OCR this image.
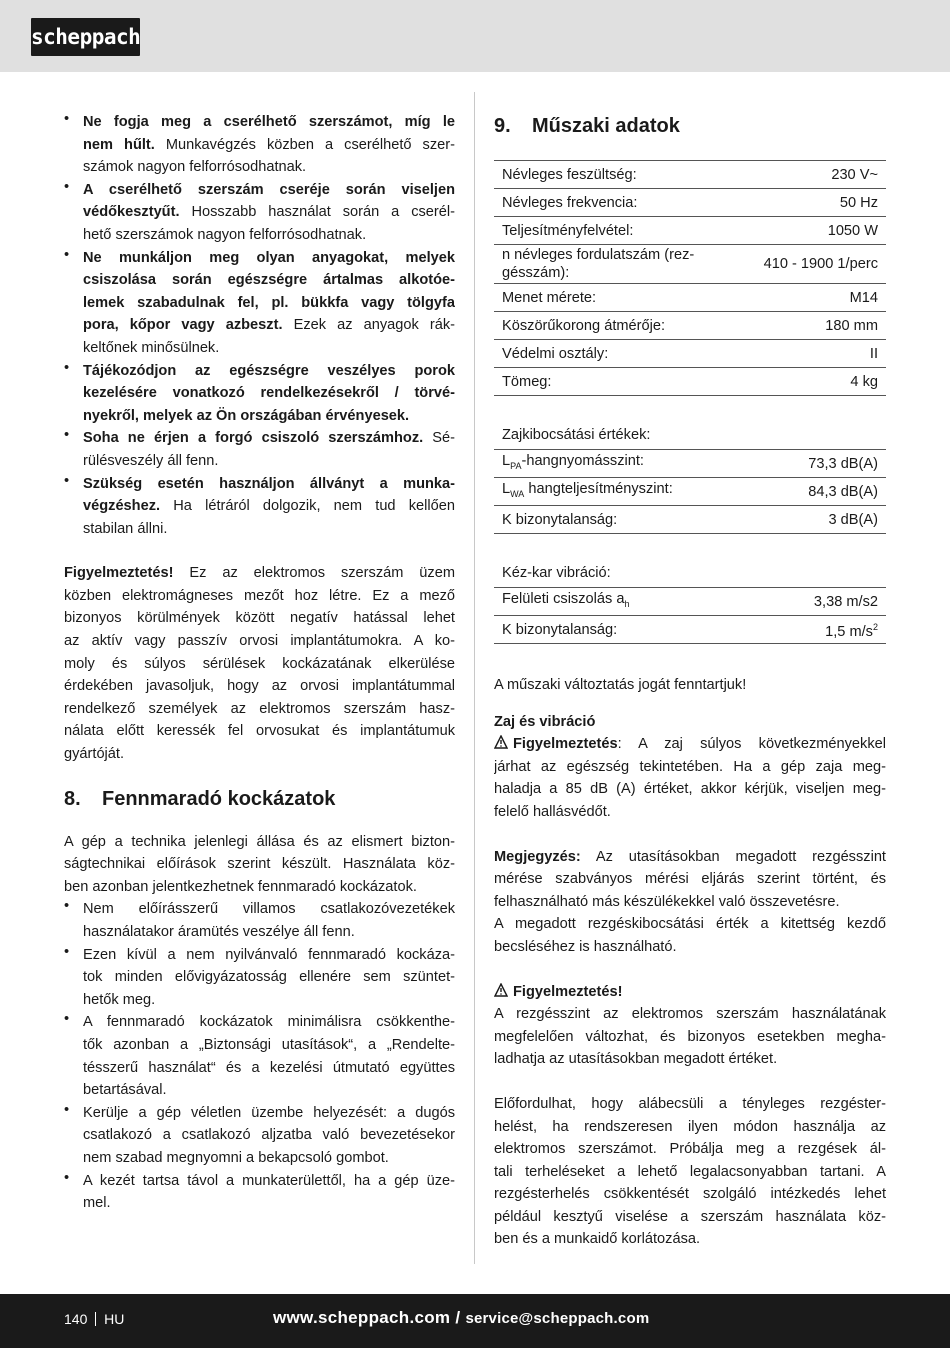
scheppach
• Ne fogja meg a cserélhető szerszámot, míg le
nem hűlt. Munkavégzés közben a cserélhető szer-
számok nagyon felforrósodhatnak.
• A cserélhető szerszám cseréje során viseljen
védőkesztyűt. Hosszabb használat során a cserél-
hető szerszámok nagyon felforrósodhatnak.
• Ne munkáljon meg olyan anyagokat, melyek
csiszolása során egészségre ártalmas alkotóe-
lemek szabadulnak fel, pl. bükkfa vagy tölgyfa
pora, kőpor vagy azbeszt. Ezek az anyagok rák-
keltőnek minősülnek.
• Tájékozódjon az egészségre veszélyes porok
kezelésére vonatkozó rendelkezésekről / törvé-
nyekről, melyek az Ön országában érvényesek.
• Soha ne érjen a forgó csiszoló szerszámhoz. Sé-
rülésveszély áll fenn.
• Szükség esetén használjon állványt a munka-
végzéshez. Ha létráról dolgozik, nem tud kellően
stabilan állni.
Figyelmeztetés! Ez az elektromos szerszám üzem
közben elektromágneses mezőt hoz létre. Ez a mező
bizonyos körülmények között negatív hatással lehet
az aktív vagy passzív orvosi implantátumokra. A ko-
moly és súlyos sérülések kockázatának elkerülése
érdekében javasoljuk, hogy az orvosi implantátummal
rendelkező személyek az elektromos szerszám hasz-
nálata előtt keressék fel orvosukat és implantátumuk
gyártóját.
8. Fennmaradó kockázatok
A gép a technika jelenlegi állása és az elismert bizton-
ságtechnikai előírások szerint készült. Használata köz-
ben azonban jelentkezhetnek fennmaradó kockázatok.
• Nem előírásszerű villamos csatlakozóvezetékek
használatakor áramütés veszélye áll fenn.
• Ezen kívül a nem nyilvánvaló fennmaradó kockáza-
tok minden elővigyázatosság ellenére sem szüntet-
hetők meg.
• A fennmaradó kockázatok minimálisra csökkenthe-
tők azonban a „Biztonsági utasítások“, a „Rendelte-
tésszerű használat“ és a kezelési útmutató együttes
betartásával.
• Kerülje a gép véletlen üzembe helyezését: a dugós
csatlakozó a csatlakozó aljzatba való bevezetésekor
nem szabad megnyomni a bekapcsoló gombot.
• A kezét tartsa távol a munkaterülettől, ha a gép üze-
mel.
9. Műszaki adatok
Névleges feszültség:	230 V~
Névleges frekvencia:	50 Hz
Teljesítményfelvétel:	1050 W
n névleges fordulatszám (rez-
gésszám):	410 - 1900 1/perc
Menet mérete:	M14
Köszörűkorong átmérője:	180 mm
Védelmi osztály:	II
Tömeg:	4 kg
Zajkibocsátási értékek:
$L_{PA}$-hangnyomásszint:	73,3 dB(A)
$L_{WA}$ hangteljesítményszint:	84,3 dB(A)
K bizonytalanság:	3 dB(A)
Kéz-kar vibráció:
Felületi csiszolás $a_h$	3,38 m/s2
K bizonytalanság:	1,5 $m/s^2$
A műszaki változtatás jogát fenntartjuk!
Zaj és vibráció
Figyelmeztetés: A zaj súlyos következményekkel
járhat az egészség tekintetében. Ha a gép zaja meg-
haladja a 85 dB (A) értéket, akkor kérjük, viseljen meg-
felelő hallásvédőt.
Megjegyzés: Az utasításokban megadott rezgésszint
mérése szabványos mérési eljárás szerint történt, és
felhasználható más készülékekkel való összevetésre.
A megadott rezgéskibocsátási érték a kitettség kezdő
becsléséhez is használható.
Figyelmeztetés!
A rezgésszint az elektromos szerszám használatának
megfelelően változhat, és bizonyos esetekben megha-
ladhatja az utasításokban megadott értéket.
Előfordulhat, hogy alábecsüli a tényleges rezgéster-
helést, ha rendszeresen ilyen módon használja az
elektromos szerszámot. Próbálja meg a rezgések ál-
tali terheléseket a lehető legalacsonyabban tartani. A
rezgésterhelés csökkentését szolgáló intézkedés lehet
például kesztyű viselése a szerszám használata köz-
ben és a munkaidő korlátozása.
140 HU	www.scheppach.com / service@scheppach.com
